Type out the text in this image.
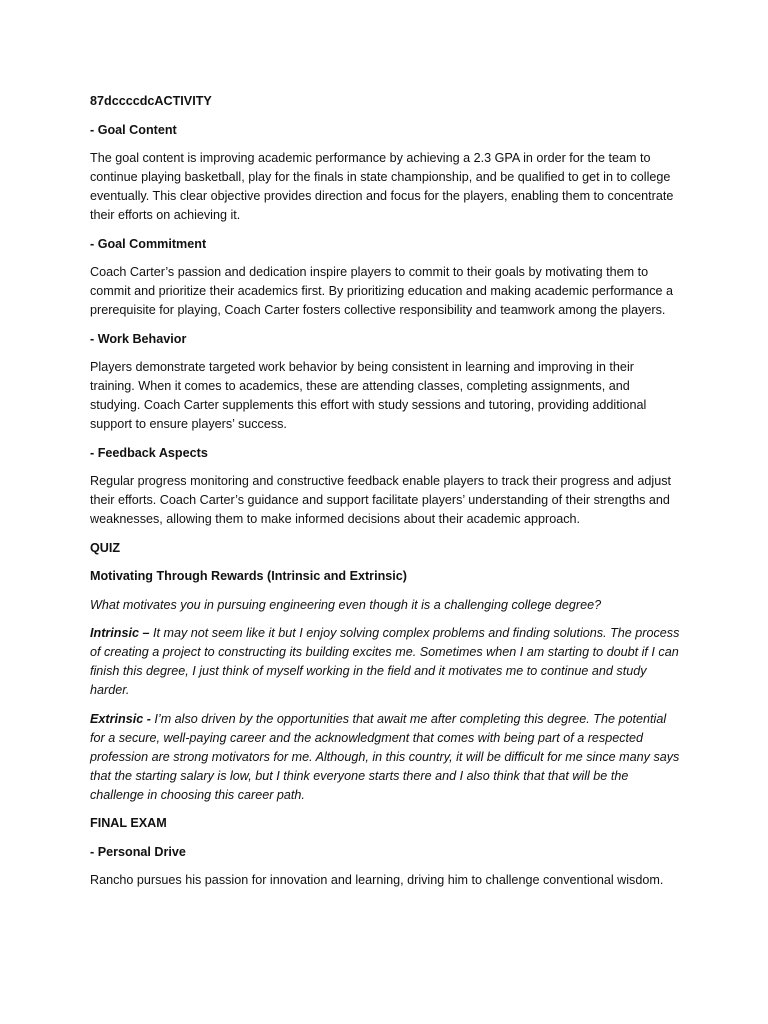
87dccccdcACTIVITY

- Goal Content

The goal content is improving academic performance by achieving a 2.3 GPA in order for the team to continue playing basketball, play for the finals in state championship, and be qualified to get in to college eventually. This clear objective provides direction and focus for the players, enabling them to concentrate their efforts on achieving it.

- Goal Commitment

Coach Carter’s passion and dedication inspire players to commit to their goals by motivating them to commit and prioritize their academics first. By prioritizing education and making academic performance a prerequisite for playing, Coach Carter fosters collective responsibility and teamwork among the players.

- Work Behavior

Players demonstrate targeted work behavior by being consistent in learning and improving in their training. When it comes to academics, these are attending classes, completing assignments, and studying. Coach Carter supplements this effort with study sessions and tutoring, providing additional support to ensure players’ success.

- Feedback Aspects

Regular progress monitoring and constructive feedback enable players to track their progress and adjust their efforts. Coach Carter’s guidance and support facilitate players’ understanding of their strengths and weaknesses, allowing them to make informed decisions about their academic approach.

QUIZ

Motivating Through Rewards (Intrinsic and Extrinsic)

What motivates you in pursuing engineering even though it is a challenging college degree?

Intrinsic – It may not seem like it but I enjoy solving complex problems and finding solutions. The process of creating a project to constructing its building excites me. Sometimes when I am starting to doubt if I can finish this degree, I just think of myself working in the field and it motivates me to continue and study harder.

Extrinsic - I’m also driven by the opportunities that await me after completing this degree. The potential for a secure, well-paying career and the acknowledgment that comes with being part of a respected profession are strong motivators for me. Although, in this country, it will be difficult for me since many says that the starting salary is low, but I think everyone starts there and I also think that that will be the challenge in choosing this career path.

FINAL EXAM

- Personal Drive

Rancho pursues his passion for innovation and learning, driving him to challenge conventional wisdom.
